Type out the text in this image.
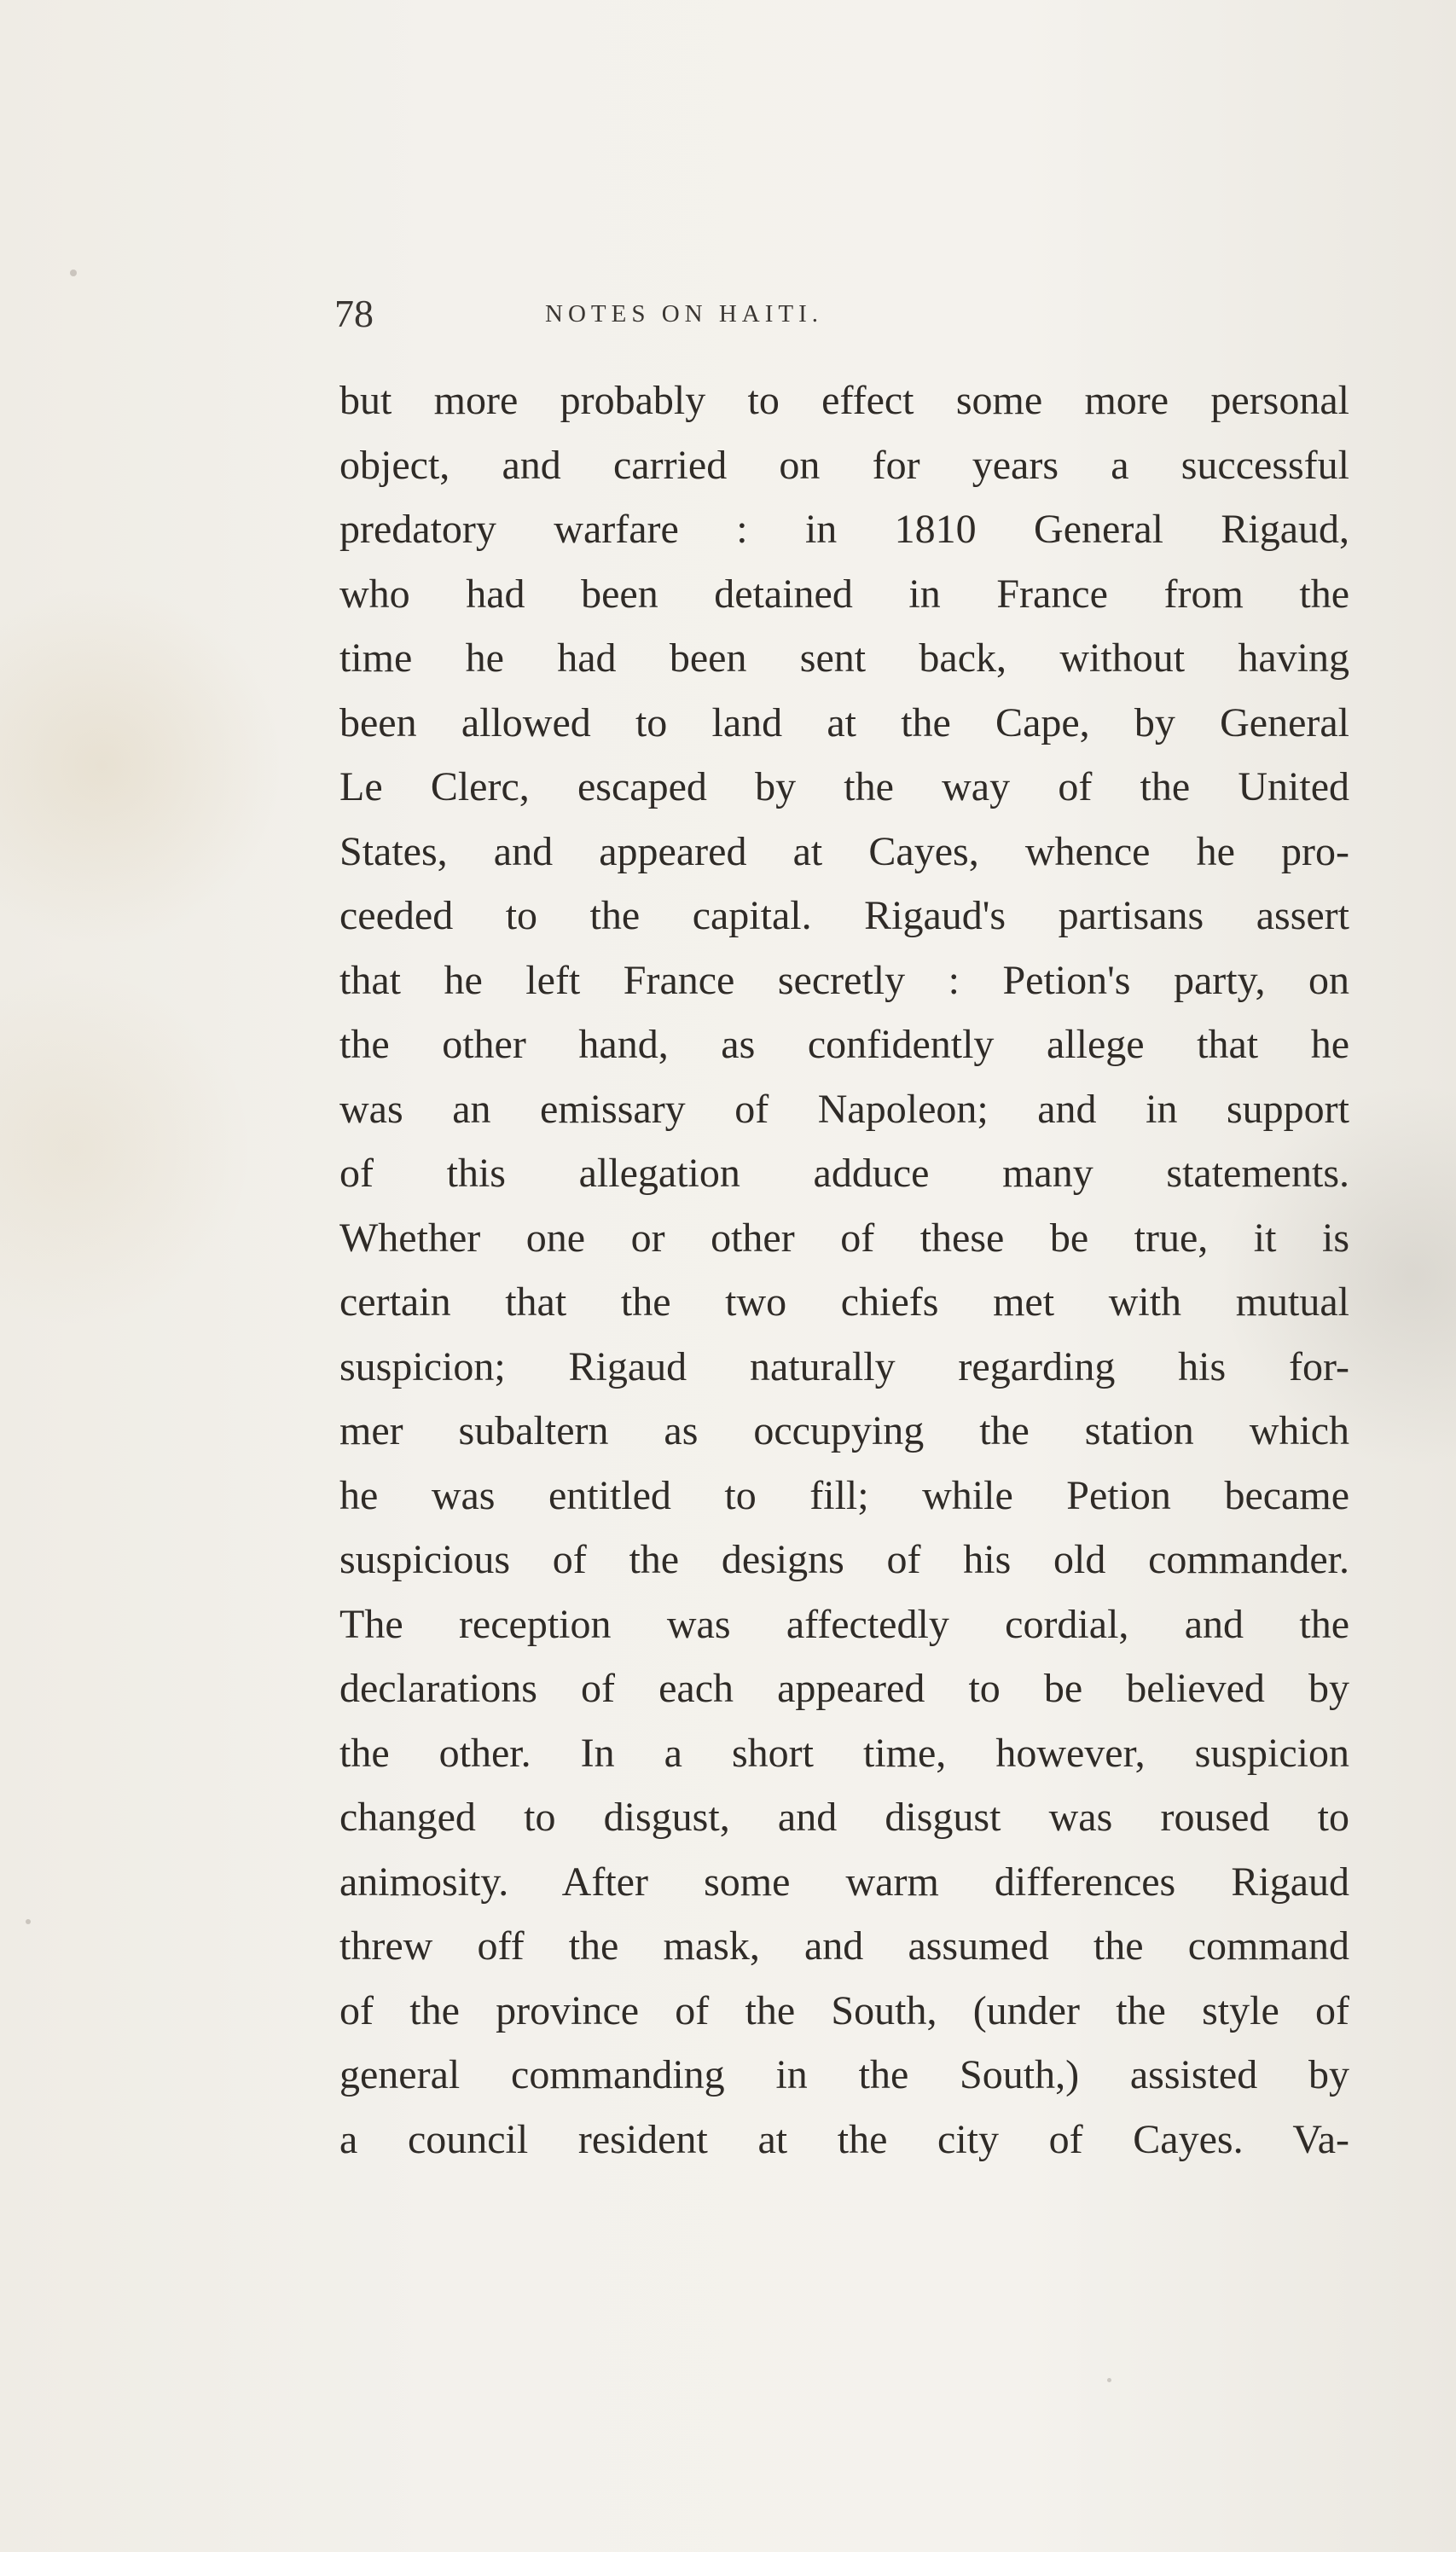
78	NOTES ON HAITI.
but more probably to effect some more personal
object, and carried on for years a successful
predatory warfare : in 1810 General Rigaud,
who had been detained in France from the
time he had been sent back, without having
been allowed to land at the Cape, by General
Le Clerc, escaped by the way of the United
States, and appeared at Cayes, whence he pro-
ceeded to the capital. Rigaud's partisans assert
that he left France secretly : Petion's party, on
the other hand, as confidently allege that he
was an emissary of Napoleon; and in support
of this allegation adduce many statements.
Whether one or other of these be true, it is
certain that the two chiefs met with mutual
suspicion; Rigaud naturally regarding his for-
mer subaltern as occupying the station which
he was entitled to fill; while Petion became
suspicious of the designs of his old commander.
The reception was affectedly cordial, and the
declarations of each appeared to be believed by
the other. In a short time, however, suspicion
changed to disgust, and disgust was roused to
animosity. After some warm differences Rigaud
threw off the mask, and assumed the command
of the province of the South, (under the style of
general commanding in the South,) assisted by
a council resident at the city of Cayes. Va-
